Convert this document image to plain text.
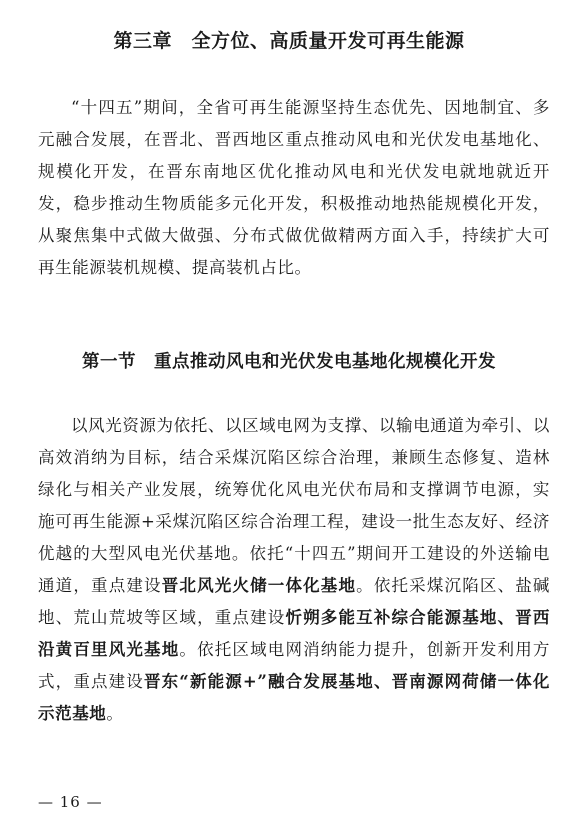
第三章　全方位、高质量开发可再生能源

“十四五”期间，全省可再生能源坚持生态优先、因地制宜、多元融合发展，在晋北、晋西地区重点推动风电和光伏发电基地化、规模化开发，在晋东南地区优化推动风电和光伏发电就地就近开发，稳步推动生物质能多元化开发，积极推动地热能规模化开发，从聚焦集中式做大做强、分布式做优做精两方面入手，持续扩大可再生能源装机规模、提高装机占比。

第一节　重点推动风电和光伏发电基地化规模化开发

以风光资源为依托、以区域电网为支撑、以输电通道为牵引、以高效消纳为目标，结合采煤沉陷区综合治理，兼顾生态修复、造林绿化与相关产业发展，统筹优化风电光伏布局和支撑调节电源，实施可再生能源+采煤沉陷区综合治理工程，建设一批生态友好、经济优越的大型风电光伏基地。依托“十四五”期间开工建设的外送输电通道，重点建设晋北风光火储一体化基地。依托采煤沉陷区、盐碱地、荒山荒坡等区域，重点建设忻朔多能互补综合能源基地、晋西沿黄百里风光基地。依托区域电网消纳能力提升，创新开发利用方式，重点建设晋东“新能源+”融合发展基地、晋南源网荷储一体化示范基地。

— 16 —
